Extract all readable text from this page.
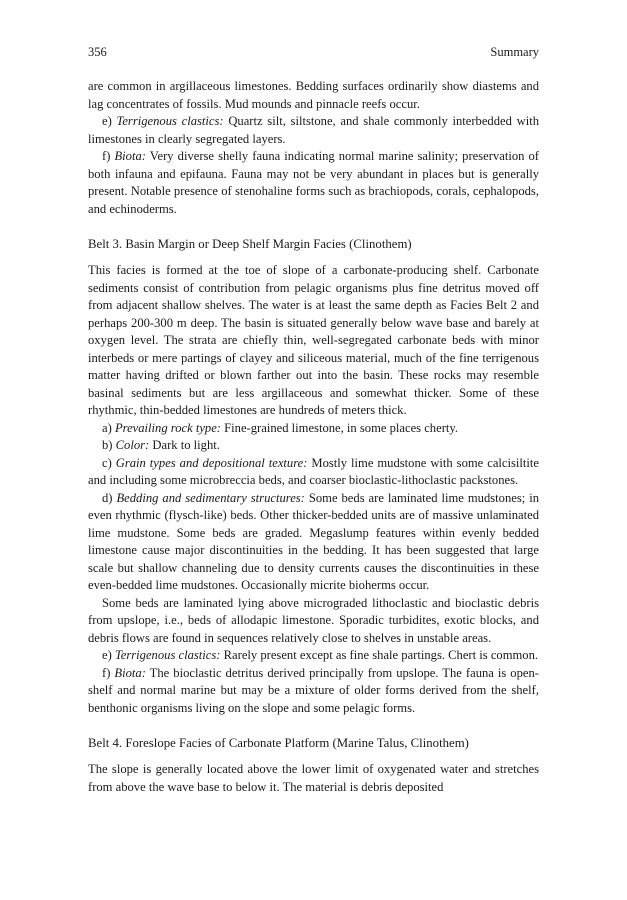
356	Summary

are common in argillaceous limestones. Bedding surfaces ordinarily show diastems and lag concentrates of fossils. Mud mounds and pinnacle reefs occur.

e) Terrigenous clastics: Quartz silt, siltstone, and shale commonly interbedded with limestones in clearly segregated layers.

f) Biota: Very diverse shelly fauna indicating normal marine salinity; preservation of both infauna and epifauna. Fauna may not be very abundant in places but is generally present. Notable presence of stenohaline forms such as brachiopods, corals, cephalopods, and echinoderms.

Belt 3. Basin Margin or Deep Shelf Margin Facies (Clinothem)

This facies is formed at the toe of slope of a carbonate-producing shelf. Carbonate sediments consist of contribution from pelagic organisms plus fine detritus moved off from adjacent shallow shelves. The water is at least the same depth as Facies Belt 2 and perhaps 200-300 m deep. The basin is situated generally below wave base and barely at oxygen level. The strata are chiefly thin, well-segregated carbonate beds with minor interbeds or mere partings of clayey and siliceous material, much of the fine terrigenous matter having drifted or blown farther out into the basin. These rocks may resemble basinal sediments but are less argillaceous and somewhat thicker. Some of these rhythmic, thin-bedded limestones are hundreds of meters thick.

a) Prevailing rock type: Fine-grained limestone, in some places cherty.

b) Color: Dark to light.

c) Grain types and depositional texture: Mostly lime mudstone with some calcisiltite and including some microbreccia beds, and coarser bioclastic-lithoclastic packstones.

d) Bedding and sedimentary structures: Some beds are laminated lime mudstones; in even rhythmic (flysch-like) beds. Other thicker-bedded units are of massive unlaminated lime mudstone. Some beds are graded. Megaslump features within evenly bedded limestone cause major discontinuities in the bedding. It has been suggested that large scale but shallow channeling due to density currents causes the discontinuities in these even-bedded lime mudstones. Occasionally micrite bioherms occur.

Some beds are laminated lying above micrograded lithoclastic and bioclastic debris from upslope, i.e., beds of allodapic limestone. Sporadic turbidites, exotic blocks, and debris flows are found in sequences relatively close to shelves in unstable areas.

e) Terrigenous clastics: Rarely present except as fine shale partings. Chert is common.

f) Biota: The bioclastic detritus derived principally from upslope. The fauna is open-shelf and normal marine but may be a mixture of older forms derived from the shelf, benthonic organisms living on the slope and some pelagic forms.

Belt 4. Foreslope Facies of Carbonate Platform (Marine Talus, Clinothem)

The slope is generally located above the lower limit of oxygenated water and stretches from above the wave base to below it. The material is debris deposited
